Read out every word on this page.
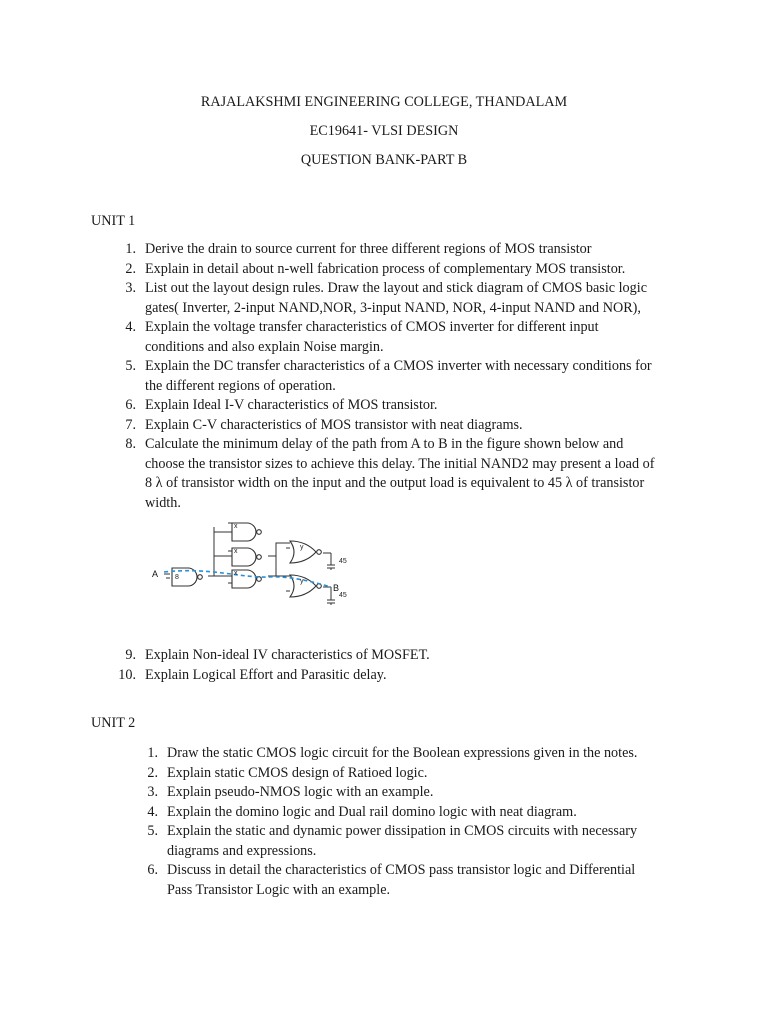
RAJALAKSHMI ENGINEERING COLLEGE, THANDALAM
EC19641- VLSI DESIGN
QUESTION BANK-PART B
UNIT 1
1. Derive the drain to source current for three different regions of MOS transistor
2. Explain in detail about n-well fabrication process of complementary MOS transistor.
3. List out the layout design rules. Draw the layout and stick diagram of CMOS basic logic
gates( Inverter, 2-input NAND,NOR, 3-input NAND, NOR, 4-input NAND and NOR),
4. Explain the voltage transfer characteristics of CMOS inverter for different input
conditions and also explain Noise margin.
5. Explain the DC transfer characteristics of a CMOS inverter with necessary conditions for
the different regions of operation.
6. Explain Ideal I-V characteristics of MOS transistor.
7. Explain C-V characteristics of MOS transistor with neat diagrams.
8. Calculate the minimum delay of the path from A to B in the figure shown below and
choose the transistor sizes to achieve this delay. The initial NAND2 may present a load of
8 λ of transistor width on the input and the output load is equivalent to 45 λ of transistor
width.
A 8
x
x
x
y
y
45
B
45
9. Explain Non-ideal IV characteristics of MOSFET.
10. Explain Logical Effort and Parasitic delay.
UNIT 2
1. Draw the static CMOS logic circuit for the Boolean expressions given in the notes.
2. Explain static CMOS design of Ratioed logic.
3. Explain pseudo-NMOS logic with an example.
4. Explain the domino logic and Dual rail domino logic with neat diagram.
5. Explain the static and dynamic power dissipation in CMOS circuits with necessary
diagrams and expressions.
6. Discuss in detail the characteristics of CMOS pass transistor logic and Differential
Pass Transistor Logic with an example.
